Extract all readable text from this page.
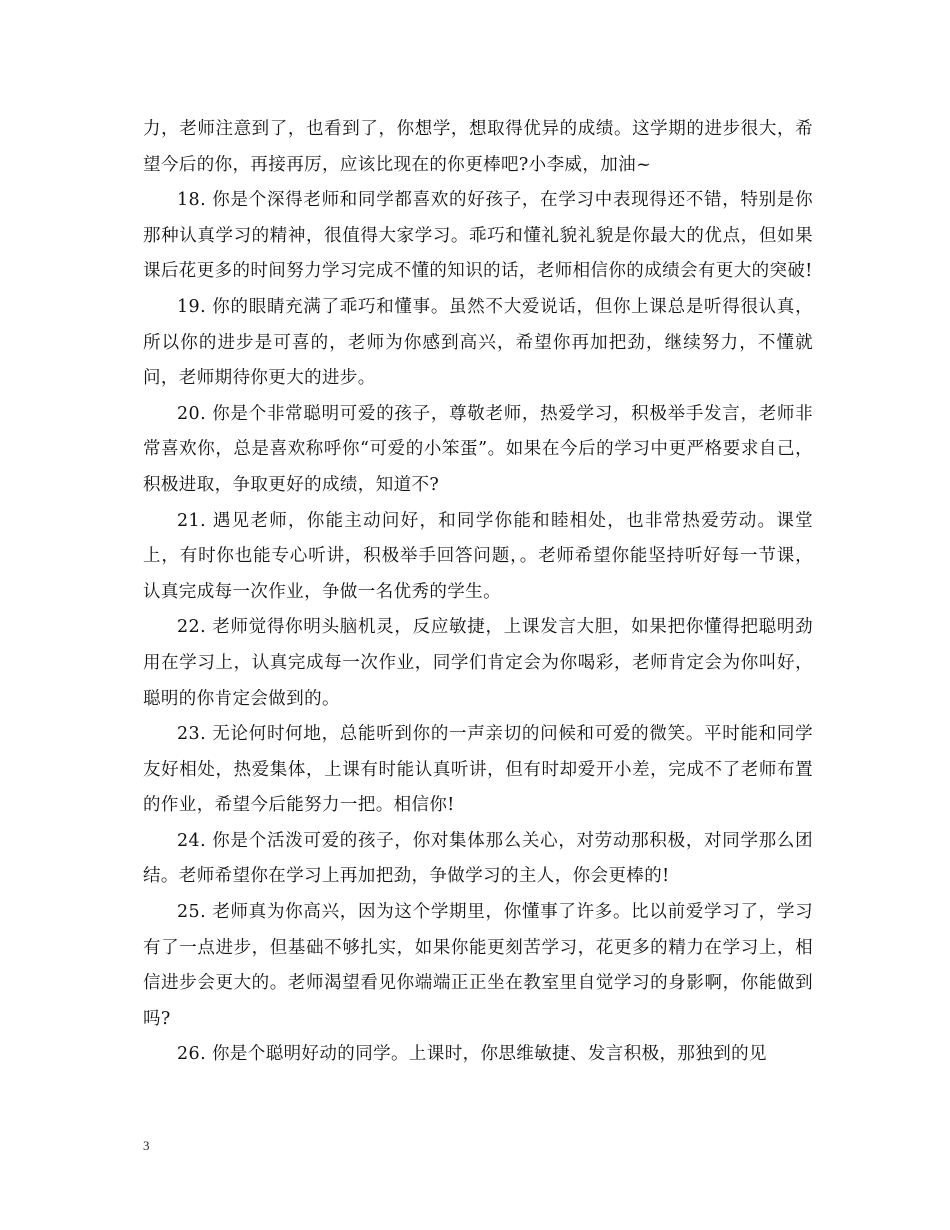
力，老师注意到了，也看到了，你想学，想取得优异的成绩。这学期的进步很大，希望今后的你，再接再厉，应该比现在的你更棒吧?小李威，加油~

18. 你是个深得老师和同学都喜欢的好孩子，在学习中表现得还不错，特别是你那种认真学习的精神，很值得大家学习。乖巧和懂礼貌礼貌是你最大的优点，但如果课后花更多的时间努力学习完成不懂的知识的话，老师相信你的成绩会有更大的突破!

19. 你的眼睛充满了乖巧和懂事。虽然不大爱说话，但你上课总是听得很认真，所以你的进步是可喜的，老师为你感到高兴，希望你再加把劲，继续努力，不懂就问，老师期待你更大的进步。

20. 你是个非常聪明可爱的孩子，尊敬老师，热爱学习，积极举手发言，老师非常喜欢你，总是喜欢称呼你“可爱的小笨蛋”。如果在今后的学习中更严格要求自己，积极进取，争取更好的成绩，知道不?

21. 遇见老师，你能主动问好，和同学你能和睦相处，也非常热爱劳动。课堂上，有时你也能专心听讲，积极举手回答问题，。老师希望你能坚持听好每一节课，认真完成每一次作业，争做一名优秀的学生。

22. 老师觉得你明头脑机灵，反应敏捷，上课发言大胆，如果把你懂得把聪明劲用在学习上，认真完成每一次作业，同学们肯定会为你喝彩，老师肯定会为你叫好，聪明的你肯定会做到的。

23. 无论何时何地，总能听到你的一声亲切的问候和可爱的微笑。平时能和同学友好相处，热爱集体，上课有时能认真听讲，但有时却爱开小差，完成不了老师布置的作业，希望今后能努力一把。相信你!

24. 你是个活泼可爱的孩子，你对集体那么关心，对劳动那积极，对同学那么团结。老师希望你在学习上再加把劲，争做学习的主人，你会更棒的!

25. 老师真为你高兴，因为这个学期里，你懂事了许多。比以前爱学习了，学习有了一点进步，但基础不够扎实，如果你能更刻苦学习，花更多的精力在学习上，相信进步会更大的。老师渴望看见你端端正正坐在教室里自觉学习的身影啊，你能做到吗?

26. 你是个聪明好动的同学。上课时，你思维敏捷、发言积极，那独到的见

3
